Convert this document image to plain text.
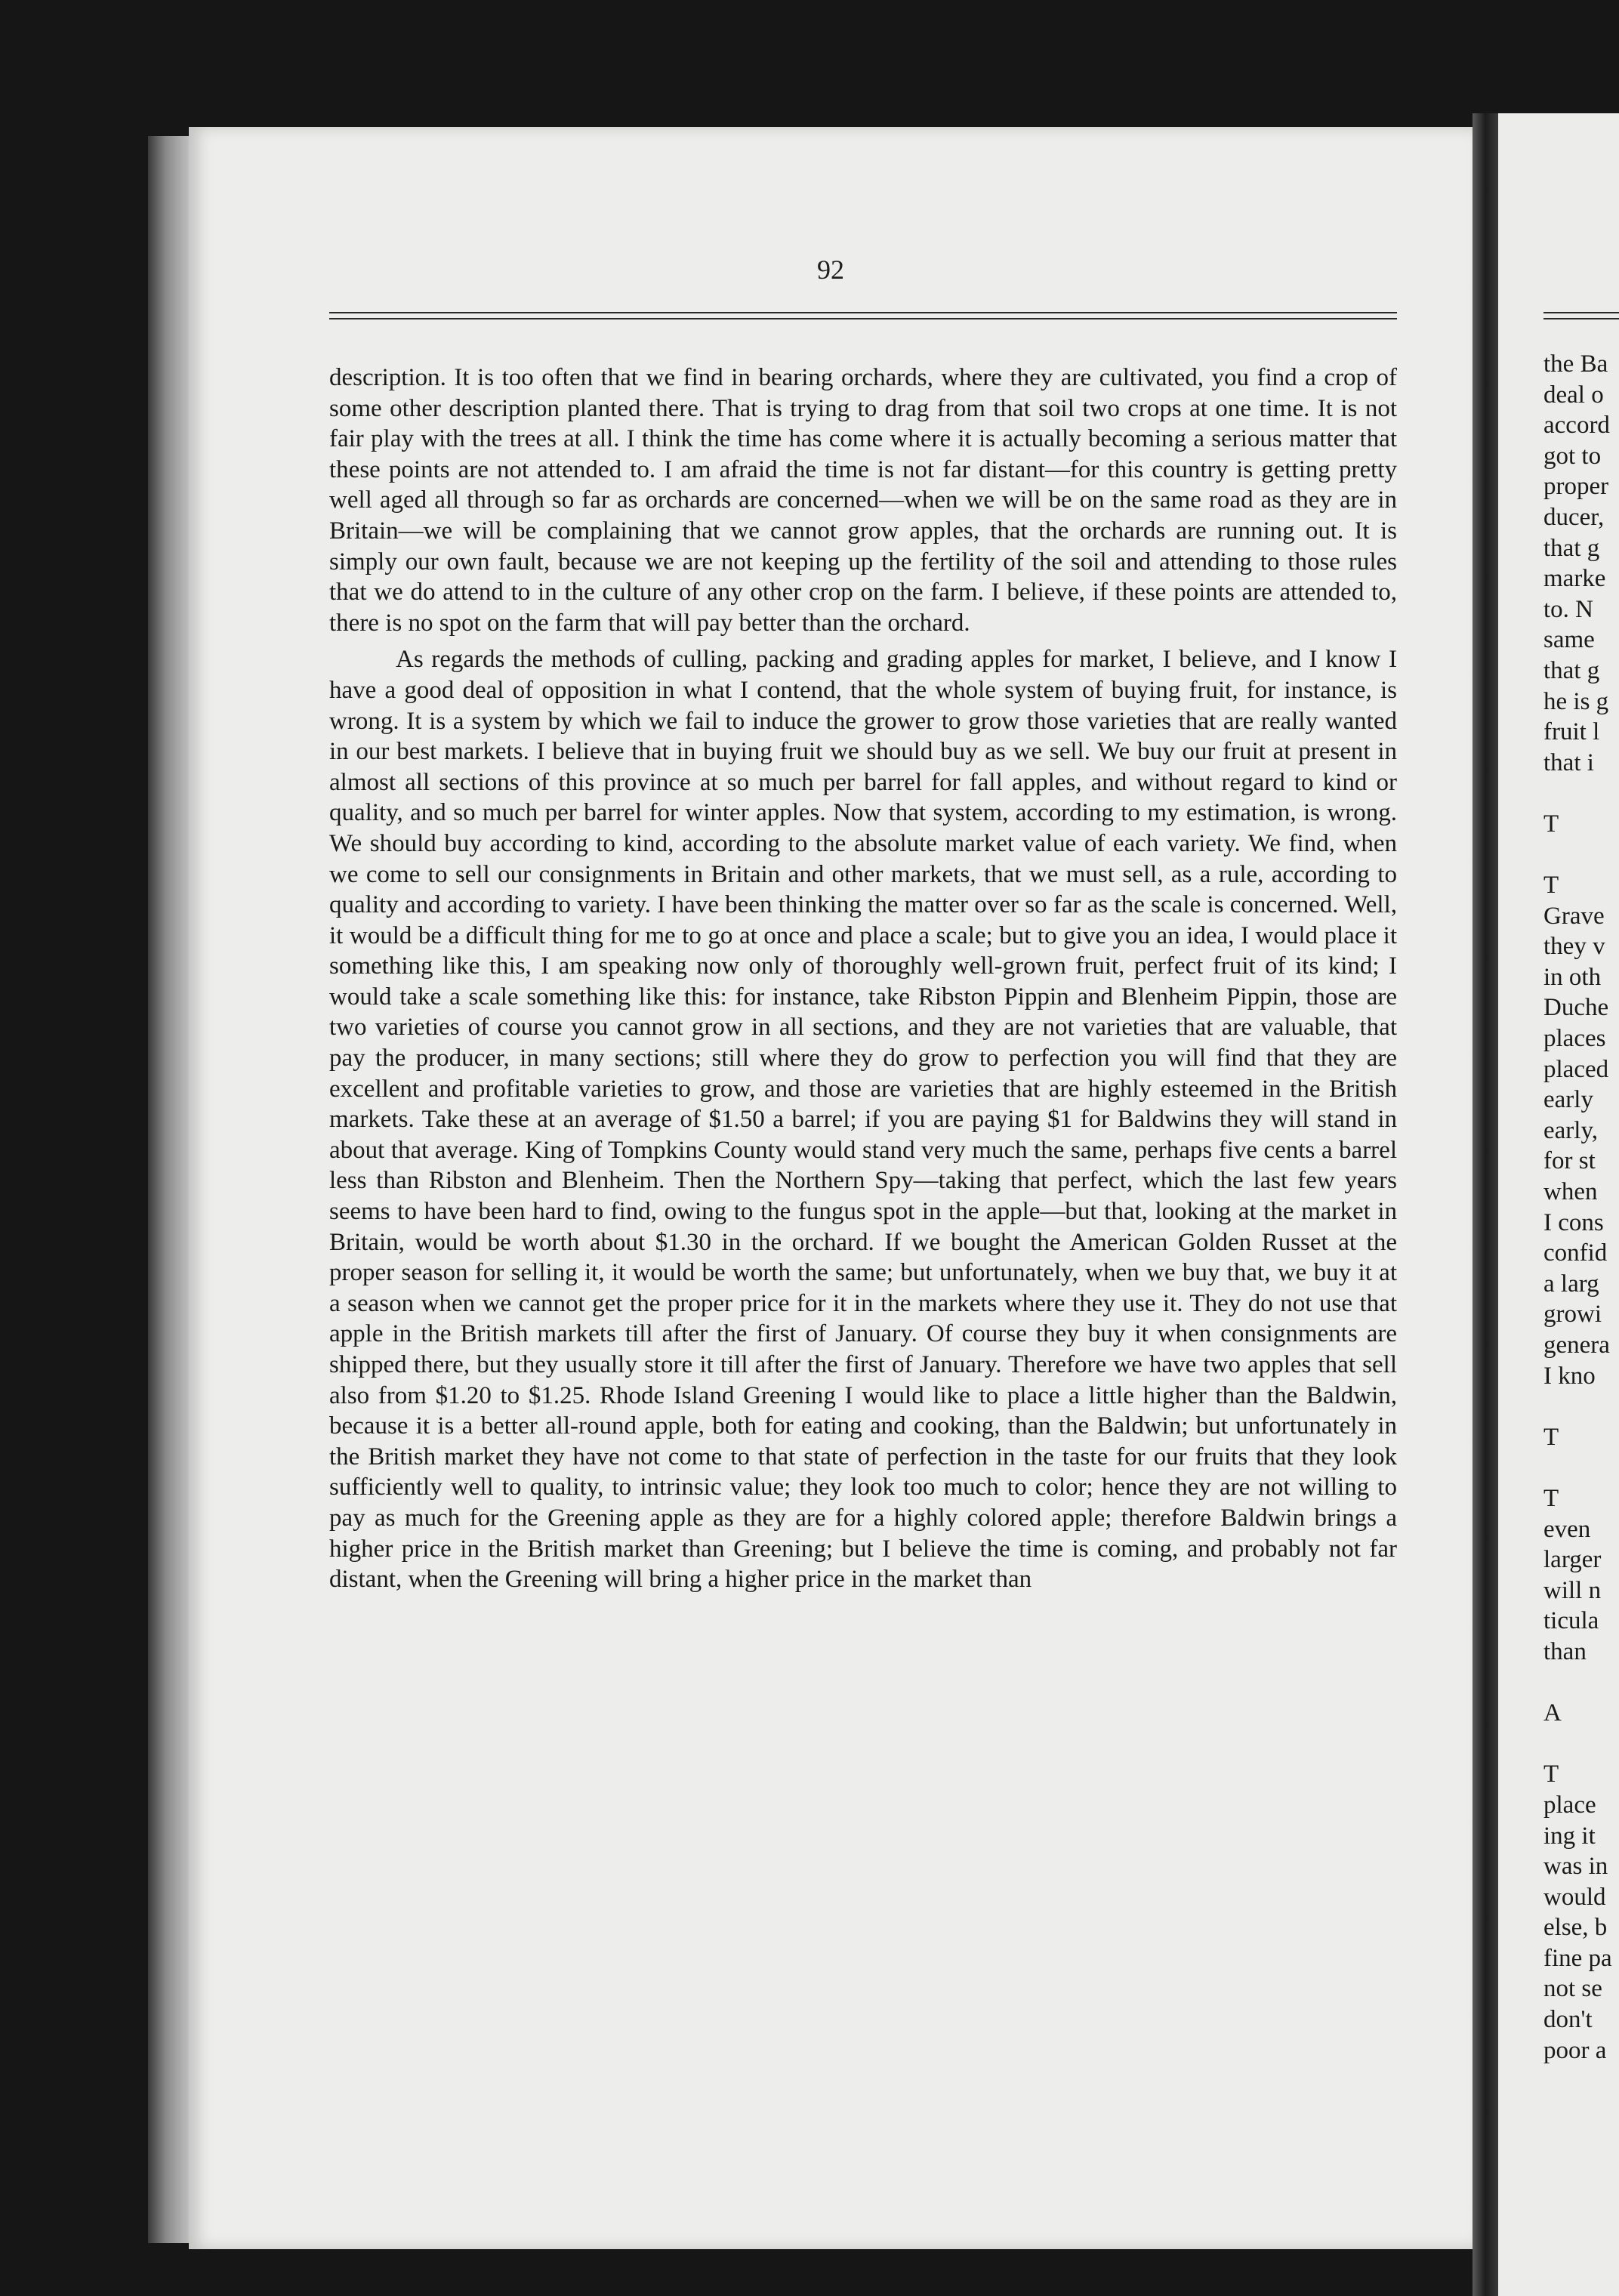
92

description. It is too often that we find in bearing orchards, where they are cultivated, you find a crop of some other description planted there. That is trying to drag from that soil two crops at one time. It is not fair play with the trees at all. I think the time has come where it is actually becoming a serious matter that these points are not attended to. I am afraid the time is not far distant—for this country is getting pretty well aged all through so far as orchards are concerned—when we will be on the same road as they are in Britain—we will be complaining that we cannot grow apples, that the orchards are running out. It is simply our own fault, because we are not keeping up the fertility of the soil and attending to those rules that we do attend to in the culture of any other crop on the farm. I believe, if these points are attended to, there is no spot on the farm that will pay better than the orchard.

As regards the methods of culling, packing and grading apples for market, I believe, and I know I have a good deal of opposition in what I contend, that the whole system of buying fruit, for instance, is wrong. It is a system by which we fail to induce the grower to grow those varieties that are really wanted in our best markets. I believe that in buying fruit we should buy as we sell. We buy our fruit at present in almost all sections of this province at so much per barrel for fall apples, and without regard to kind or quality, and so much per barrel for winter apples. Now that system, according to my estimation, is wrong. We should buy according to kind, according to the absolute market value of each variety. We find, when we come to sell our consignments in Britain and other markets, that we must sell, as a rule, according to quality and according to variety. I have been thinking the matter over so far as the scale is concerned. Well, it would be a difficult thing for me to go at once and place a scale; but to give you an idea, I would place it something like this, I am speaking now only of thoroughly well-grown fruit, perfect fruit of its kind; I would take a scale something like this: for instance, take Ribston Pippin and Blenheim Pippin, those are two varieties of course you cannot grow in all sections, and they are not varieties that are valuable, that pay the producer, in many sections; still where they do grow to perfection you will find that they are excellent and profitable varieties to grow, and those are varieties that are highly esteemed in the British markets. Take these at an average of $1.50 a barrel; if you are paying $1 for Baldwins they will stand in about that average. King of Tompkins County would stand very much the same, perhaps five cents a barrel less than Ribston and Blenheim. Then the Northern Spy—taking that perfect, which the last few years seems to have been hard to find, owing to the fungus spot in the apple—but that, looking at the market in Britain, would be worth about $1.30 in the orchard. If we bought the American Golden Russet at the proper season for selling it, it would be worth the same; but unfortunately, when we buy that, we buy it at a season when we cannot get the proper price for it in the markets where they use it. They do not use that apple in the British markets till after the first of January. Of course they buy it when consignments are shipped there, but they usually store it till after the first of January. Therefore we have two apples that sell also from $1.20 to $1.25. Rhode Island Greening I would like to place a little higher than the Baldwin, because it is a better all-round apple, both for eating and cooking, than the Baldwin; but unfortunately in the British market they have not come to that state of perfection in the taste for our fruits that they look sufficiently well to quality, to intrinsic value; they look too much to color; hence they are not willing to pay as much for the Greening apple as they are for a highly colored apple; therefore Baldwin brings a higher price in the British market than Greening; but I believe the time is coming, and probably not far distant, when the Greening will bring a higher price in the market than

the Ba
deal o
accord
got to
proper
ducer,
that g
marke
to. N
same
that g
he is g
fruit l
that i
T
T
Grave
they v
in oth
Duche
places
placed
early
early,
for st
when
I cons
confid
a larg
growi
genera
I kno
T
T
even
larger
will n
ticula
than
A
T
place
ing it
was in
would
else, b
fine pa
not se
don't
poor a
